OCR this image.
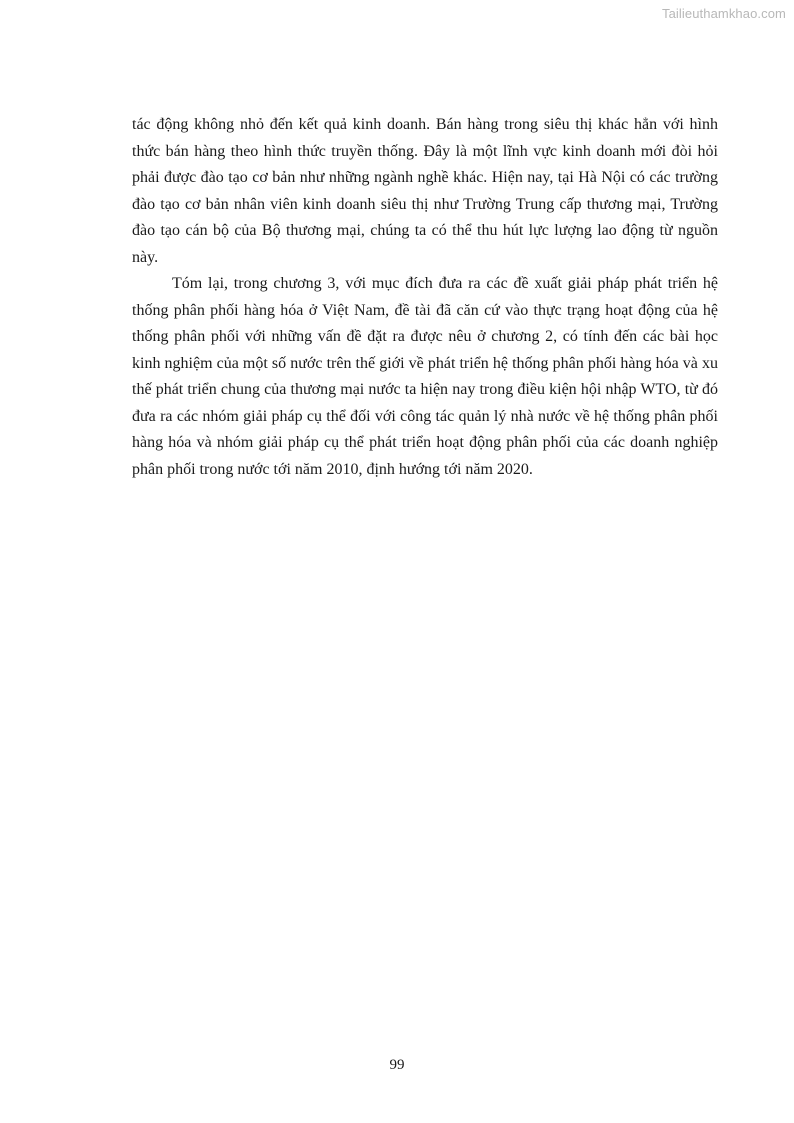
Tailieuthamkhao.com

tác động không nhỏ đến kết quả kinh doanh. Bán hàng trong siêu thị khác hẳn với hình thức bán hàng theo hình thức truyền thống. Đây là một lĩnh vực kinh doanh mới đòi hỏi phải được đào tạo cơ bản như những ngành nghề khác. Hiện nay, tại Hà Nội có các trường đào tạo cơ bản nhân viên kinh doanh siêu thị như Trường Trung cấp thương mại, Trường đào tạo cán bộ của Bộ thương mại, chúng ta có thể thu hút lực lượng lao động từ nguồn này.

Tóm lại, trong chương 3, với mục đích đưa ra các đề xuất giải pháp phát triển hệ thống phân phối hàng hóa ở Việt Nam, đề tài đã căn cứ vào thực trạng hoạt động của hệ thống phân phối với những vấn đề đặt ra được nêu ở chương 2, có tính đến các bài học kinh nghiệm của một số nước trên thế giới về phát triển hệ thống phân phối hàng hóa và xu thế phát triển chung của thương mại nước ta hiện nay trong điều kiện hội nhập WTO, từ đó đưa ra các nhóm giải pháp cụ thể đối với công tác quản lý nhà nước về hệ thống phân phối hàng hóa và nhóm giải pháp cụ thể phát triển hoạt động phân phối của các doanh nghiệp phân phối trong nước tới năm 2010, định hướng tới năm 2020.

99
